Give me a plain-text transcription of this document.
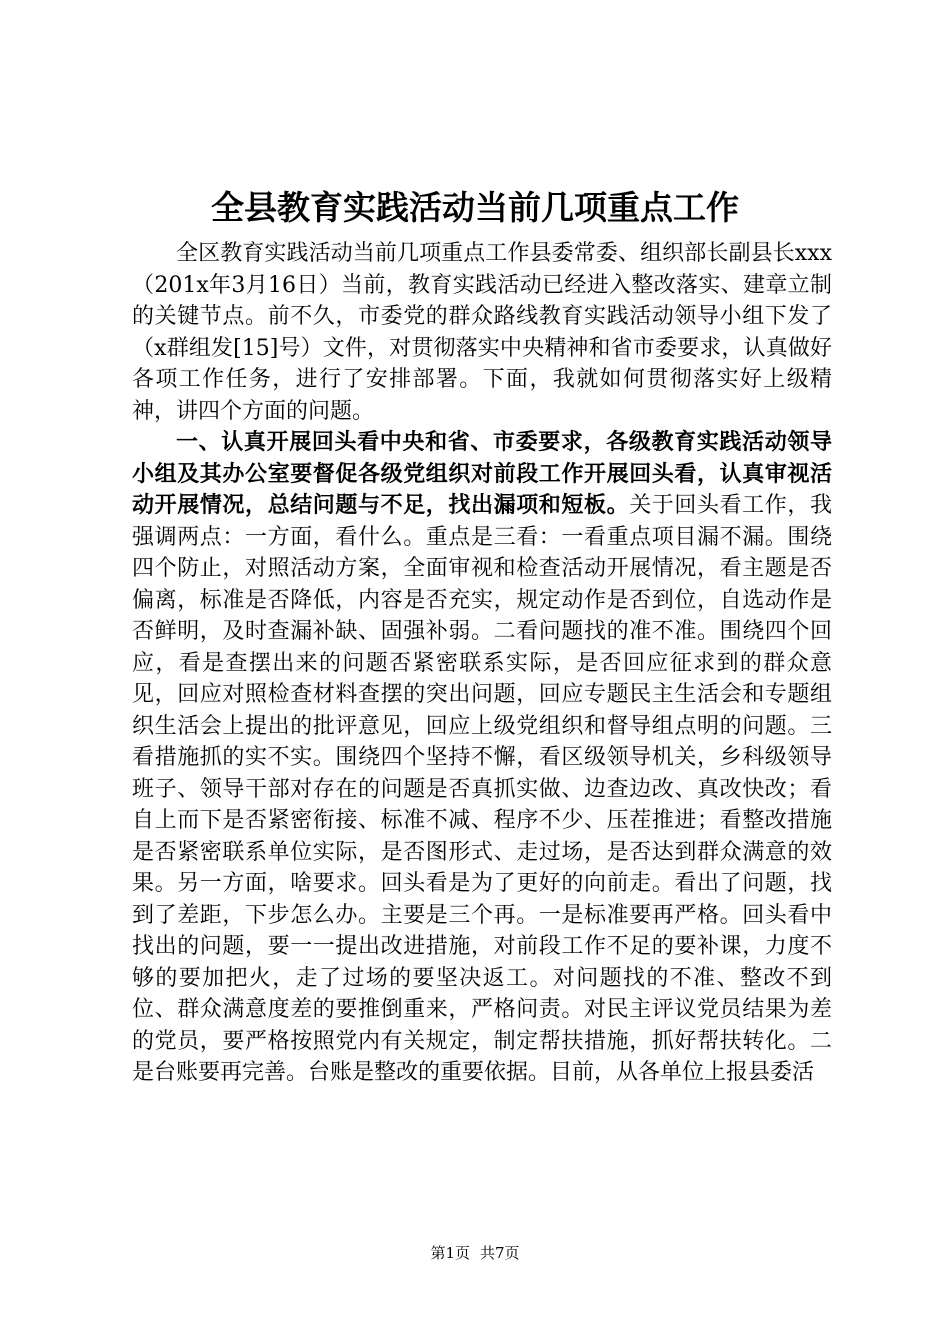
全县教育实践活动当前几项重点工作

全区教育实践活动当前几项重点工作县委常委、组织部长副县长xxx（201x年3月16日）当前，教育实践活动已经进入整改落实、建章立制的关键节点。前不久，市委党的群众路线教育实践活动领导小组下发了（x群组发[15]号）文件，对贯彻落实中央精神和省市委要求，认真做好各项工作任务，进行了安排部署。下面，我就如何贯彻落实好上级精神，讲四个方面的问题。

一、认真开展回头看中央和省、市委要求，各级教育实践活动领导小组及其办公室要督促各级党组织对前段工作开展回头看，认真审视活动开展情况，总结问题与不足，找出漏项和短板。关于回头看工作，我强调两点：一方面，看什么。重点是三看：一看重点项目漏不漏。围绕四个防止，对照活动方案，全面审视和检查活动开展情况，看主题是否偏离，标准是否降低，内容是否充实，规定动作是否到位，自选动作是否鲜明，及时查漏补缺、固强补弱。二看问题找的准不准。围绕四个回应，看是查摆出来的问题否紧密联系实际，是否回应征求到的群众意见，回应对照检查材料查摆的突出问题，回应专题民主生活会和专题组织生活会上提出的批评意见，回应上级党组织和督导组点明的问题。三看措施抓的实不实。围绕四个坚持不懈，看区级领导机关，乡科级领导班子、领导干部对存在的问题是否真抓实做、边查边改、真改快改；看自上而下是否紧密衔接、标准不减、程序不少、压茬推进；看整改措施是否紧密联系单位实际，是否图形式、走过场，是否达到群众满意的效果。另一方面，啥要求。回头看是为了更好的向前走。看出了问题，找到了差距，下步怎么办。主要是三个再。一是标准要再严格。回头看中找出的问题，要一一提出改进措施，对前段工作不足的要补课，力度不够的要加把火，走了过场的要坚决返工。对问题找的不准、整改不到位、群众满意度差的要推倒重来，严格问责。对民主评议党员结果为差的党员，要严格按照党内有关规定，制定帮扶措施，抓好帮扶转化。二是台账要再完善。台账是整改的重要依据。目前，从各单位上报县委活

第1页 共7页
